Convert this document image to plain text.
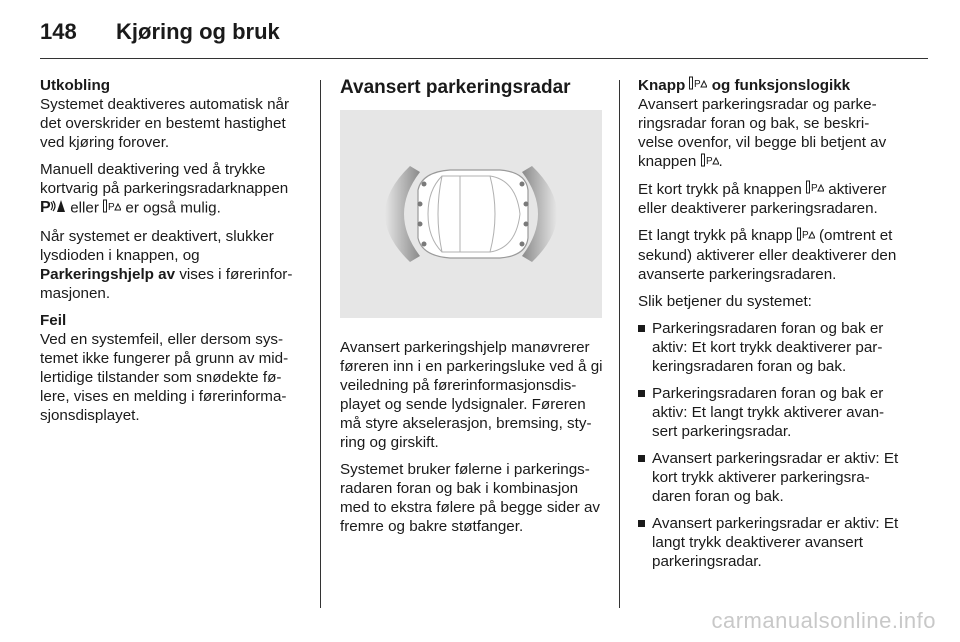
148	Kjøring og bruk

Utkobling
Systemet deaktiveres automatisk når det overskrider en bestemt hastighet ved kjøring forover.

Manuell deaktivering ved å trykke kortvarig på parkeringsradarknappen
P eller P er også mulig.

Når systemet er deaktivert, slukker lysdioden i knappen, og
Parkeringshjelp av vises i førerinfor-masjonen.

Feil
Ved en systemfeil, eller dersom sys-temet ikke fungerer på grunn av mid-lertidige tilstander som snødekte fø-lere, vises en melding i førerinforma-sjonsdisplayet.

Avansert parkeringsradar

Avansert parkeringshjelp manøvrerer føreren inn i en parkeringsluke ved å gi veiledning på førerinformasjonsdis-playet og sende lydsignaler. Føreren må styre akselerasjon, bremsing, sty-ring og girskift.

Systemet bruker følerne i parkerings-radaren foran og bak i kombinasjon med to ekstra følere på begge sider av fremre og bakre støtfanger.

Knapp P og funksjonslogikk

Avansert parkeringsradar og parke-ringsradar foran og bak, se beskri-velse ovenfor, vil begge bli betjent av knappen P .

Et kort trykk på knappen P aktiverer eller deaktiverer parkeringsradaren.

Et langt trykk på knapp P (omtrent et sekund) aktiverer eller deaktiverer den avanserte parkeringsradaren.

Slik betjener du systemet:

Parkeringsradaren foran og bak er aktiv: Et kort trykk deaktiverer par-keringsradaren foran og bak.
Parkeringsradaren foran og bak er aktiv: Et langt trykk aktiverer avan-sert parkeringsradar.
Avansert parkeringsradar er aktiv: Et kort trykk aktiverer parkeringsra-daren foran og bak.
Avansert parkeringsradar er aktiv: Et langt trykk deaktiverer avansert parkeringsradar.
carmanualsonline.info
